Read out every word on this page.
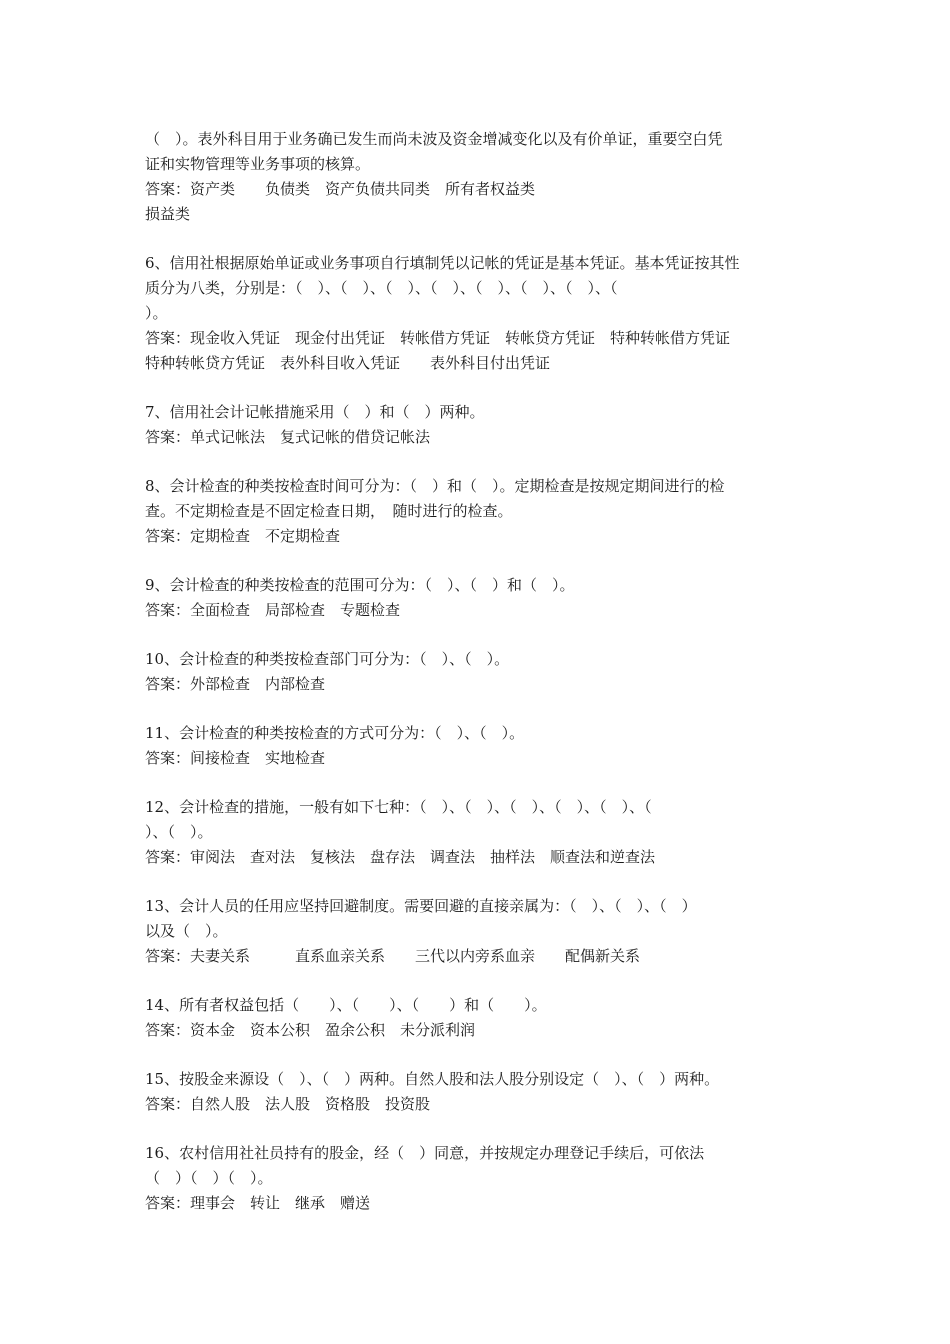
（　）。表外科目用于业务确已发生而尚未波及资金增减变化以及有价单证，重要空白凭
证和实物管理等业务事项的核算。
答案：资产类　　负债类　资产负债共同类　所有者权益类
损益类
6、信用社根据原始单证或业务事项自行填制凭以记帐的凭证是基本凭证。基本凭证按其性
质分为八类，分别是：（　）、（　）、（　）、（　）、（　）、（　）、（　）、（
）。
答案：现金收入凭证　现金付出凭证　转帐借方凭证　转帐贷方凭证　特种转帐借方凭证
特种转帐贷方凭证　表外科目收入凭证　　表外科目付出凭证
7、信用社会计记帐措施采用（　）和（　）两种。
答案：单式记帐法　复式记帐的借贷记帐法
8、会计检查的种类按检查时间可分为：（　）和（　）。定期检查是按规定期间进行的检
查。不定期检查是不固定检查日期，　随时进行的检查。
答案：定期检查　不定期检查
9、会计检查的种类按检查的范围可分为：（　）、（　）和（　）。
答案：全面检查　局部检查　专题检查
10、会计检查的种类按检查部门可分为：（　）、（　）。
答案：外部检查　内部检查
11、会计检查的种类按检查的方式可分为：（　）、（　）。
答案：间接检查　实地检查
12、会计检查的措施，一般有如下七种：（　）、（　）、（　）、（　）、（　）、（
）、（　）。
答案：审阅法　查对法　复核法　盘存法　调查法　抽样法　顺查法和逆查法
13、会计人员的任用应坚持回避制度。需要回避的直接亲属为：（　）、（　）、（　）
以及（　）。
答案：夫妻关系　　　直系血亲关系　　三代以内旁系血亲　　配偶新关系
14、所有者权益包括（　　）、（　　）、（　　）和（　　）。
答案：资本金　资本公积　盈余公积　未分派利润
15、按股金来源设（　）、（　）两种。自然人股和法人股分别设定（　）、（　）两种。
答案：自然人股　法人股　资格股　投资股
16、农村信用社社员持有的股金，经（　）同意，并按规定办理登记手续后，可依法
（　）（　）（　）。
答案：理事会　转让　继承　赠送
